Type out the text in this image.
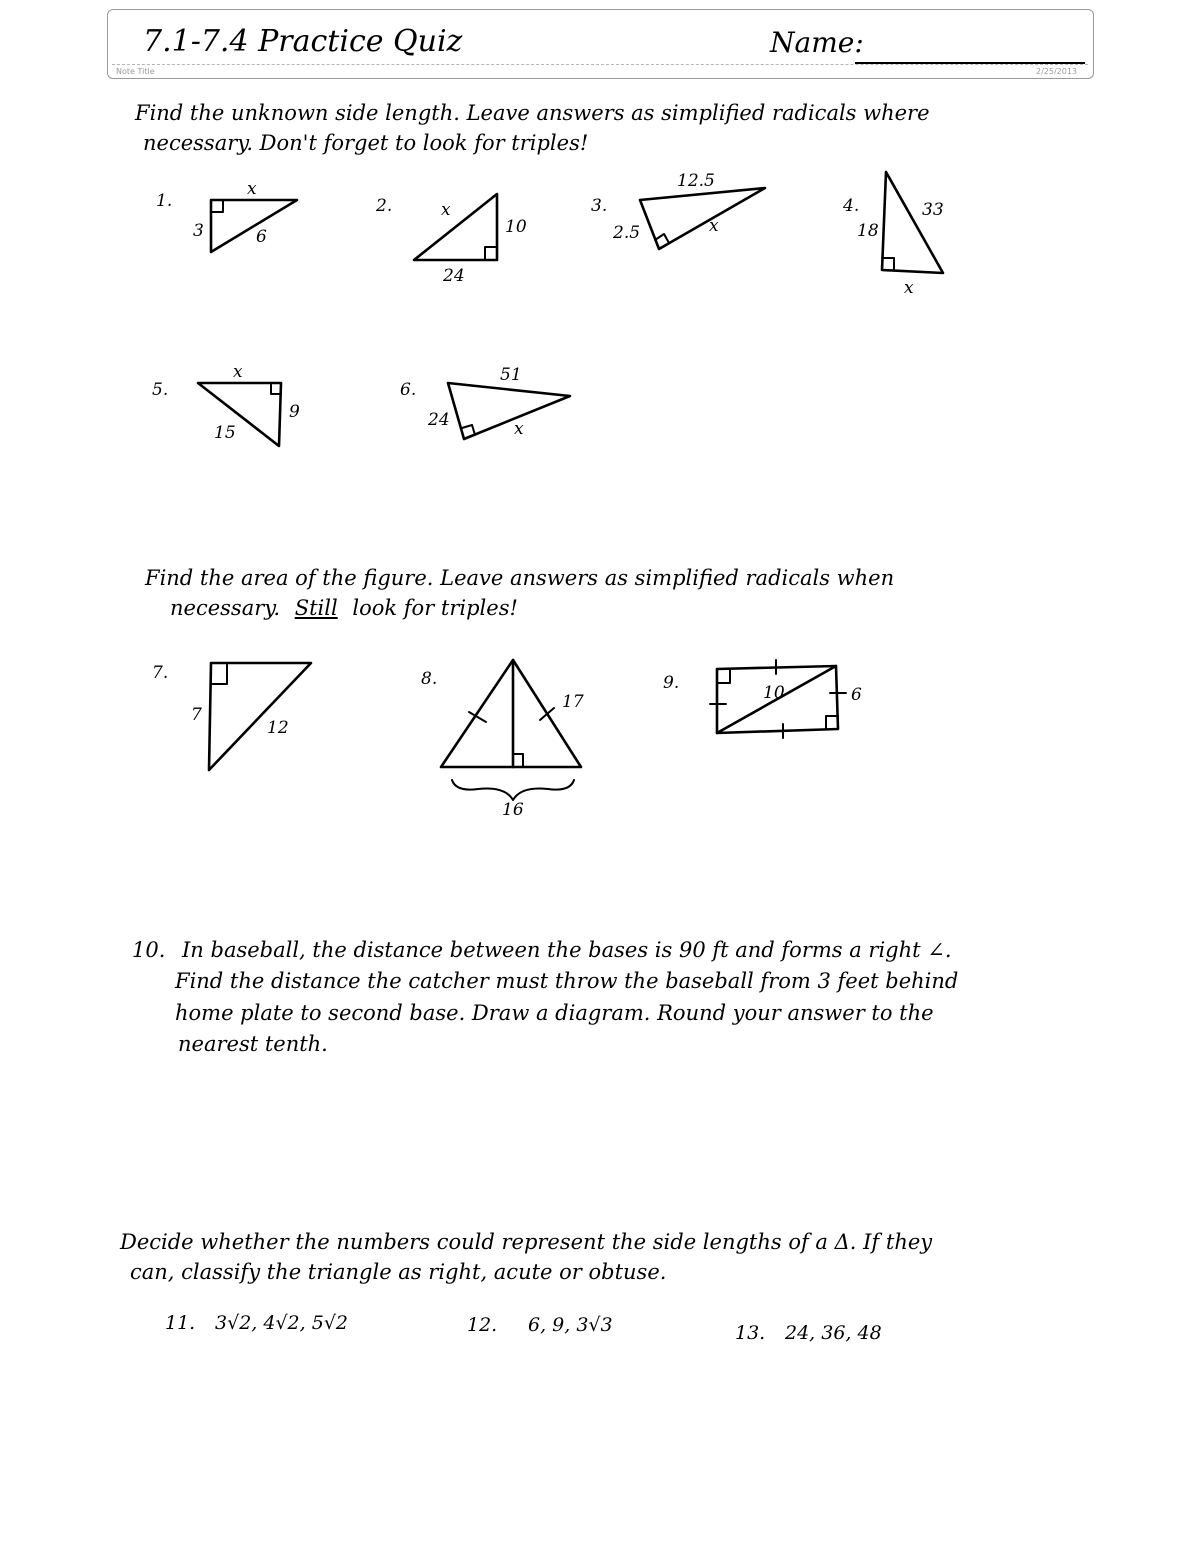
7.1-7.4 Practice Quiz	Name:
Note Title	2/25/2013
Find the unknown side length. Leave answers as simplified radicals where
necessary. Don't forget to look for triples!
Find the area of the figure. Leave answers as simplified radicals when
necessary. Still look for triples!
10. In baseball, the distance between the bases is 90 ft and forms a right ∠.
Find the distance the catcher must throw the baseball from 3 feet behind
home plate to second base. Draw a diagram. Round your answer to the
nearest tenth.
Decide whether the numbers could represent the side lengths of a Δ. If they
can, classify the triangle as right, acute or obtuse.
11. 3√2, 4√2, 5√2	12. 6, 9, 3√3	13. 24, 36, 48
1.	2.	3.	4.
5.	6.
7.	8.	9.
x
3	6
x
10
24
12.5
2.5	x	18
33
x
x
9
15
51
24	x
7
12
17
16
10	6
